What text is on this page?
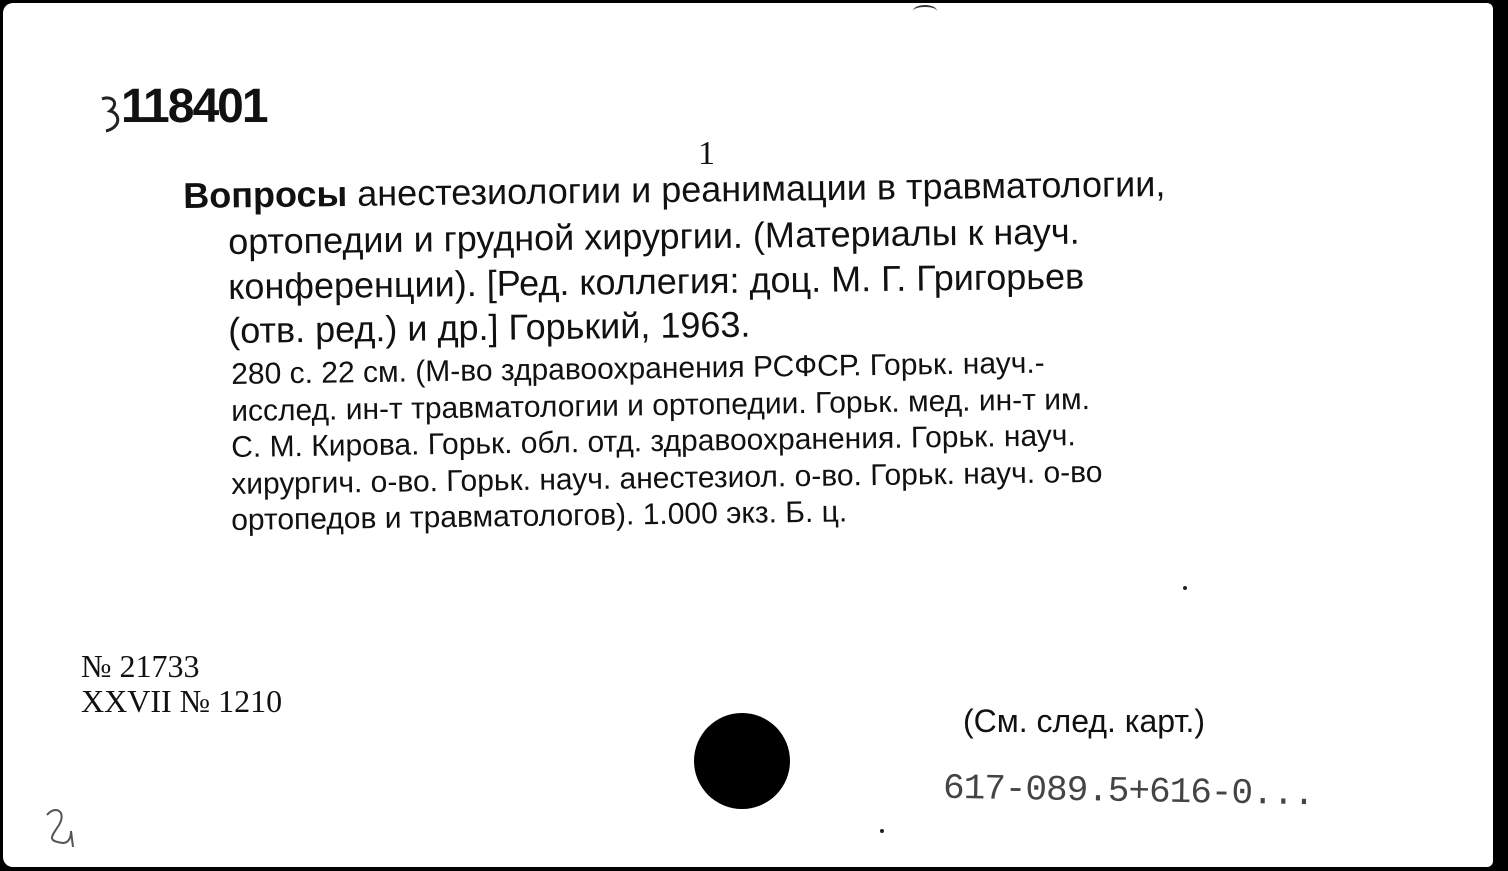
118401
1
Вопросы анестезиологии и реанимации в травматологии,
ортопедии и грудной хирургии. (Материалы к науч.
конференции). [Ред. коллегия: доц. М. Г. Григорьев
(отв. ред.) и др.] Горький, 1963.
280 с. 22 см. (М-во здравоохранения РСФСР. Горьк. науч.-
исслед. ин-т травматологии и ортопедии. Горьк. мед. ин-т им.
С. М. Кирова. Горьк. обл. отд. здравоохранения. Горьк. науч.
хирургич. о-во. Горьк. науч. анестезиол. о-во. Горьк. науч. о-во
ортопедов и травматологов). 1.000 экз. Б. ц.
№ 21733
XXVII № 1210
(См. след. карт.)
617-089.5+616-0...
